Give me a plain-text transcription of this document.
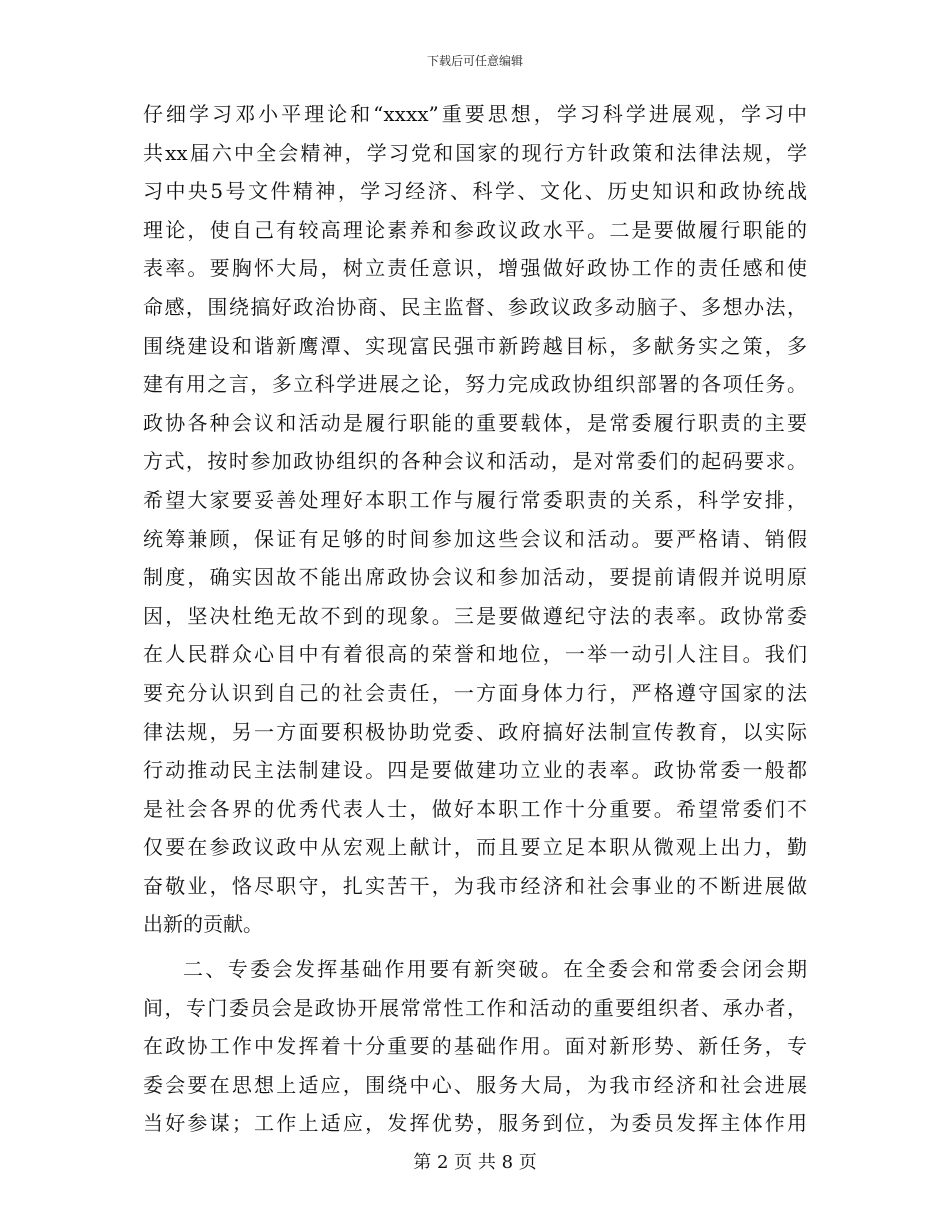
下载后可任意编辑
仔细学习邓小平理论和“xxxx”重要思想，学习科学进展观，学习中
共xx届六中全会精神，学习党和国家的现行方针政策和法律法规，学
习中央5号文件精神，学习经济、科学、文化、历史知识和政协统战
理论，使自己有较高理论素养和参政议政水平。二是要做履行职能的
表率。要胸怀大局，树立责任意识，增强做好政协工作的责任感和使
命感，围绕搞好政治协商、民主监督、参政议政多动脑子、多想办法，
围绕建设和谐新鹰潭、实现富民强市新跨越目标，多献务实之策，多
建有用之言，多立科学进展之论，努力完成政协组织部署的各项任务。
政协各种会议和活动是履行职能的重要载体，是常委履行职责的主要
方式，按时参加政协组织的各种会议和活动，是对常委们的起码要求。
希望大家要妥善处理好本职工作与履行常委职责的关系，科学安排，
统筹兼顾，保证有足够的时间参加这些会议和活动。要严格请、销假
制度，确实因故不能出席政协会议和参加活动，要提前请假并说明原
因，坚决杜绝无故不到的现象。三是要做遵纪守法的表率。政协常委
在人民群众心目中有着很高的荣誉和地位，一举一动引人注目。我们
要充分认识到自己的社会责任，一方面身体力行，严格遵守国家的法
律法规，另一方面要积极协助党委、政府搞好法制宣传教育，以实际
行动推动民主法制建设。四是要做建功立业的表率。政协常委一般都
是社会各界的优秀代表人士，做好本职工作十分重要。希望常委们不
仅要在参政议政中从宏观上献计，而且要立足本职从微观上出力，勤
奋敬业，恪尽职守，扎实苦干，为我市经济和社会事业的不断进展做
出新的贡献。
二、专委会发挥基础作用要有新突破。在全委会和常委会闭会期
间，专门委员会是政协开展常常性工作和活动的重要组织者、承办者，
在政协工作中发挥着十分重要的基础作用。面对新形势、新任务，专
委会要在思想上适应，围绕中心、服务大局，为我市经济和社会进展
当好参谋；工作上适应，发挥优势，服务到位，为委员发挥主体作用
第 2 页 共 8 页
